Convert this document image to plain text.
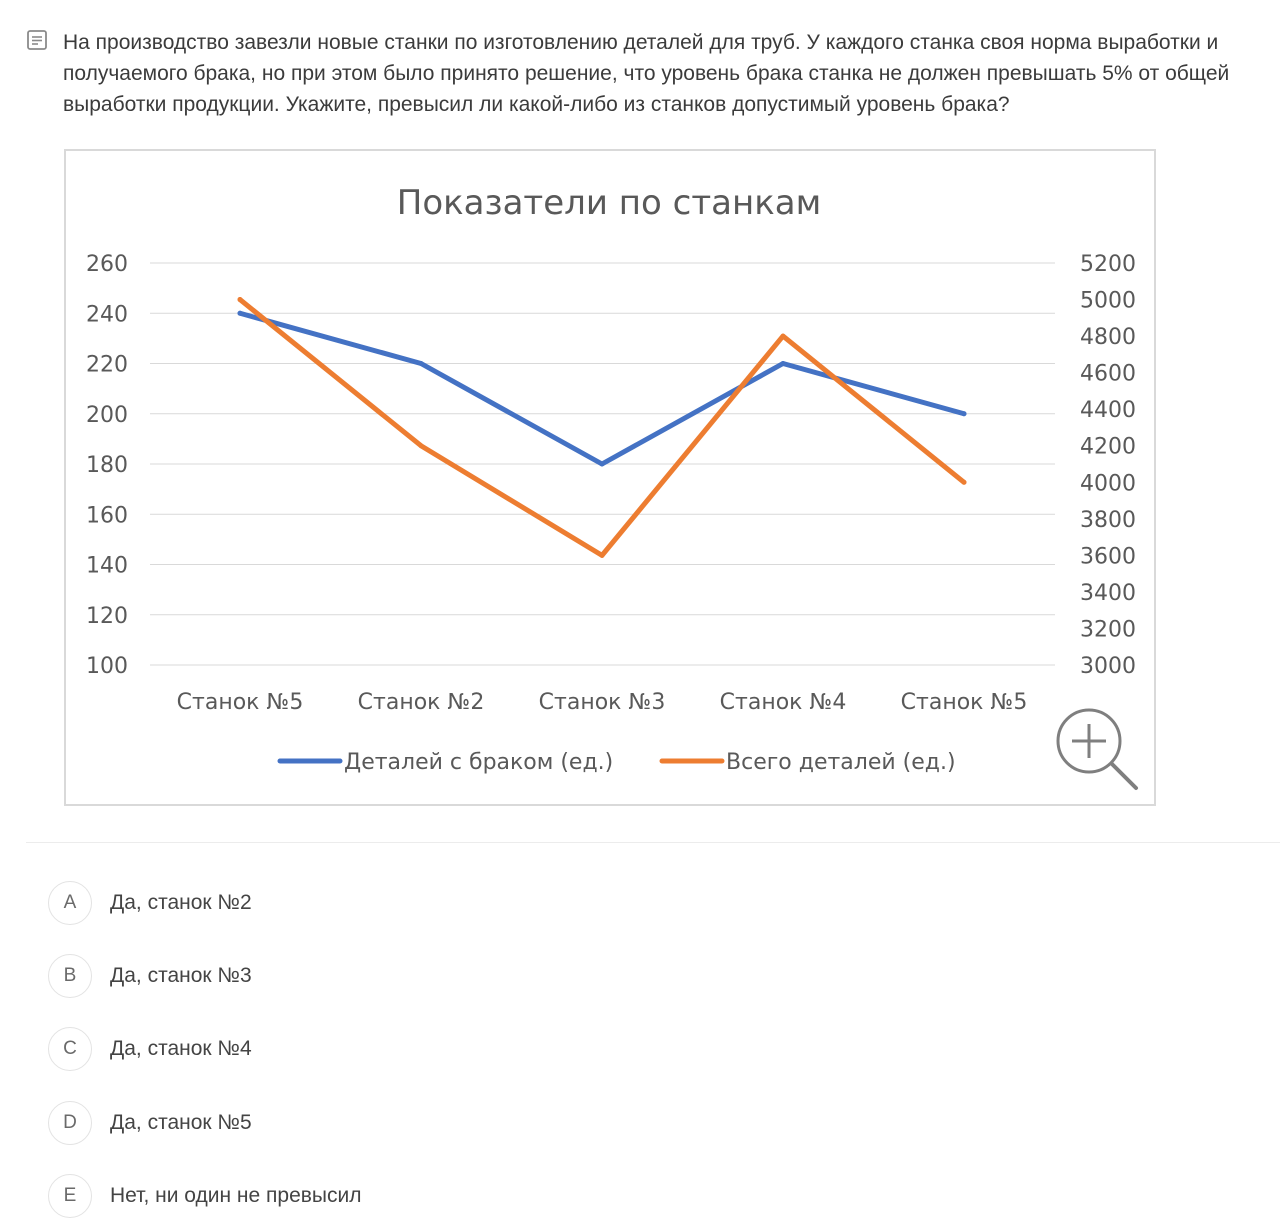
На производство завезли новые станки по изготовлению деталей для труб. У каждого станка своя норма выработки и получаемого брака, но при этом было принято решение, что уровень брака станка не должен превышать 5% от общей выработки продукции. Укажите, превысил ли какой-либо из станков допустимый уровень брака?

Показатели по станкам
260
240
220
200
180
160
140
120
100
5200
5000
4800
4600
4400
4200
4000
3800
3600
3400
3200
3000
Станок №5 Станок №2 Станок №3 Станок №4 Станок №5
Деталей с браком (ед.)	Всего деталей (ед.)
A	Да, станок №2
B	Да, станок №3
C	Да, станок №4
D	Да, станок №5
E	Нет, ни один не превысил
